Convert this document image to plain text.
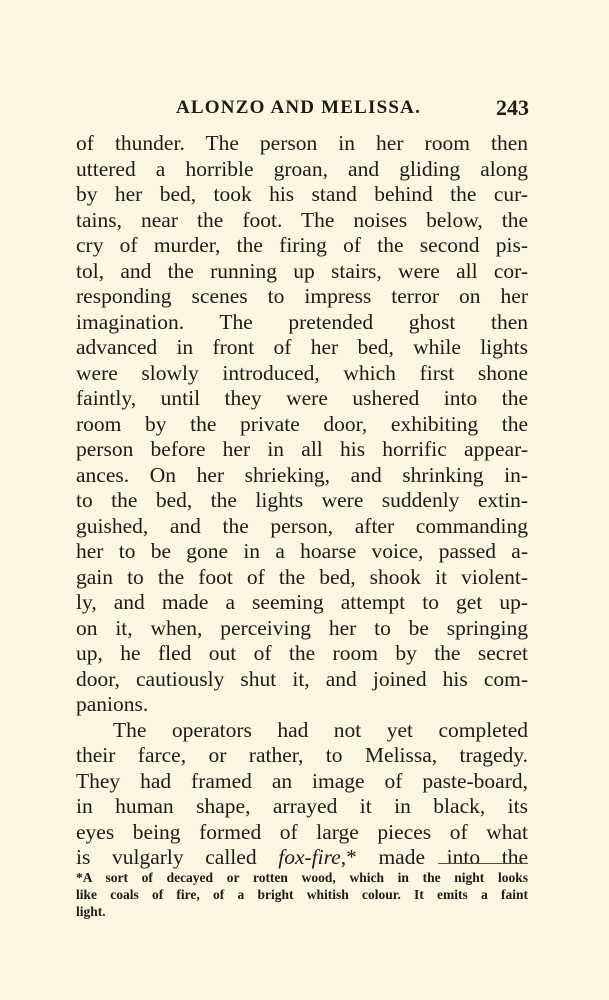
ALONZO AND MELISSA.	243
of thunder. The person in her room then
uttered a horrible groan, and gliding along
by her bed, took his stand behind the cur-
tains, near the foot. The noises below, the
cry of murder, the firing of the second pis-
tol, and the running up stairs, were all cor-
responding scenes to impress terror on her
imagination. The pretended ghost then
advanced in front of her bed, while lights
were slowly introduced, which first shone
faintly, until they were ushered into the
room by the private door, exhibiting the
person before her in all his horrific appear-
ances. On her shrieking, and shrinking in-
to the bed, the lights were suddenly extin-
guished, and the person, after commanding
her to be gone in a hoarse voice, passed a-
gain to the foot of the bed, shook it violent-
ly, and made a seeming attempt to get up-
on it, when, perceiving her to be springing
up, he fled out of the room by the secret
door, cautiously shut it, and joined his com-
panions.
The operators had not yet completed
their farce, or rather, to Melissa, tragedy.
They had framed an image of paste-board,
in human shape, arrayed it in black, its
eyes being formed of large pieces of what
is vulgarly called fox-fire,* made into the
*A sort of decayed or rotten wood, which in the night looks
like coals of fire, of a bright whitish colour. It emits a faint
light.
